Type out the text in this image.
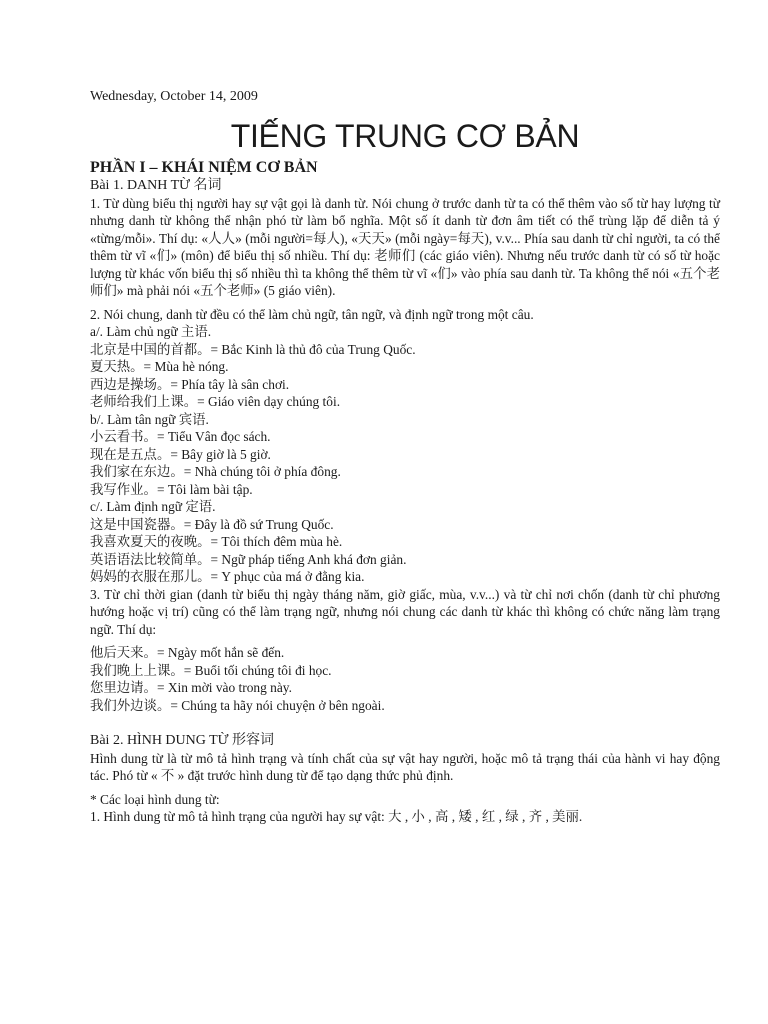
Wednesday, October 14, 2009

TIẾNG TRUNG CƠ BẢN

PHẦN I – KHÁI NIỆM CƠ BẢN

Bài 1. DANH TỪ 名词

1. Từ dùng biểu thị người hay sự vật gọi là danh từ. Nói chung ở trước danh từ ta có thể thêm vào số từ hay lượng từ nhưng danh từ không thể nhận phó từ làm bổ nghĩa. Một số ít danh từ đơn âm tiết có thể trùng lặp để diễn tả ý «từng/mỗi». Thí dụ: «人人» (mỗi người=每人), «天天» (mỗi ngày=每天), v.v... Phía sau danh từ chỉ người, ta có thể thêm từ vĩ «们» (môn) để biểu thị số nhiều. Thí dụ: 老师们 (các giáo viên). Nhưng nếu trước danh từ có số từ hoặc lượng từ khác vốn biểu thị số nhiều thì ta không thể thêm từ vĩ «们» vào phía sau danh từ. Ta không thể nói «五个老师们» mà phải nói «五个老师» (5 giáo viên).

2. Nói chung, danh từ đều có thể làm chủ ngữ, tân ngữ, và định ngữ trong một câu.

a/. Làm chủ ngữ 主语.

北京是中国的首都。= Bắc Kinh là thủ đô của Trung Quốc.

夏天热。= Mùa hè nóng.

西边是操场。= Phía tây là sân chơi.

老师给我们上课。= Giáo viên dạy chúng tôi.

b/. Làm tân ngữ 宾语.

小云看书。= Tiểu Vân đọc sách.

现在是五点。= Bây giờ là 5 giờ.

我们家在东边。= Nhà chúng tôi ở phía đông.

我写作业。= Tôi làm bài tập.

c/. Làm định ngữ 定语.

这是中国瓷器。= Đây là đồ sứ Trung Quốc.

我喜欢夏天的夜晚。= Tôi thích đêm mùa hè.

英语语法比较简单。= Ngữ pháp tiếng Anh khá đơn giản.

妈妈的衣服在那儿。= Y phục của má ở đằng kia.

3. Từ chỉ thời gian (danh từ biểu thị ngày tháng năm, giờ giấc, mùa, v.v...) và từ chỉ nơi chốn (danh từ chỉ phương hướng hoặc vị trí) cũng có thể làm trạng ngữ, nhưng nói chung các danh từ khác thì không có chức năng làm trạng ngữ. Thí dụ:

他后天来。= Ngày mốt hắn sẽ đến.

我们晚上上课。= Buổi tối chúng tôi đi học.

您里边请。= Xin mời vào trong này.

我们外边谈。= Chúng ta hãy nói chuyện ở bên ngoài.

Bài 2. HÌNH DUNG TỪ 形容词

Hình dung từ là từ mô tả hình trạng và tính chất của sự vật hay người, hoặc mô tả trạng thái của hành vi hay động tác. Phó từ « 不 » đặt trước hình dung từ để tạo dạng thức phủ định.

* Các loại hình dung từ:

1. Hình dung từ mô tả hình trạng của người hay sự vật: 大 , 小 , 高 , 矮 , 红 , 绿 , 齐 , 美丽.
